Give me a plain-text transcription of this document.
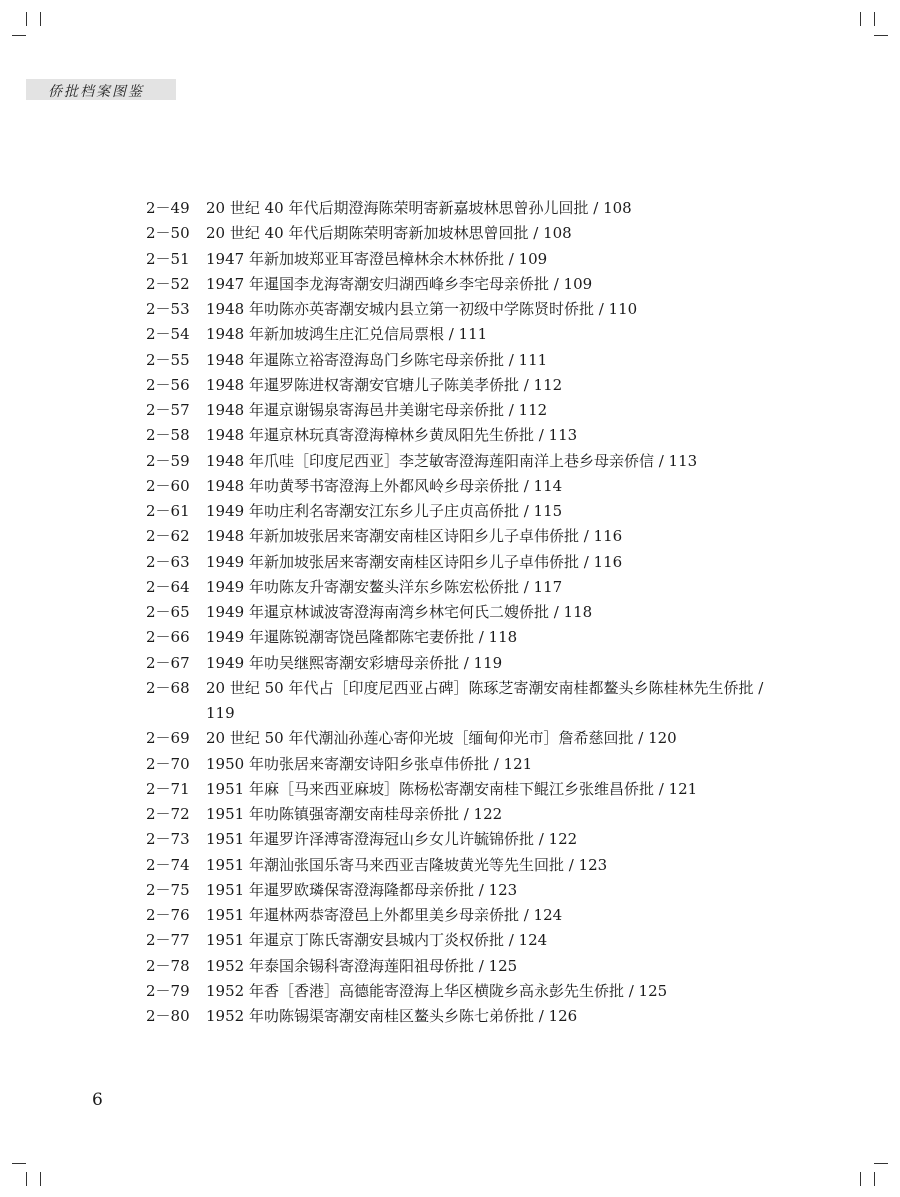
侨批档案图鉴
2－49	20 世纪 40 年代后期澄海陈荣明寄新嘉坡林思曾孙儿回批 / 108
2－50	20 世纪 40 年代后期陈荣明寄新加坡林思曾回批 / 108
2－51	1947 年新加坡郑亚耳寄澄邑樟林余木林侨批 / 109
2－52	1947 年暹国李龙海寄潮安归湖西峰乡李宅母亲侨批 / 109
2－53	1948 年叻陈亦英寄潮安城内县立第一初级中学陈贤时侨批 / 110
2－54	1948 年新加坡鸿生庄汇兑信局票根 / 111
2－55	1948 年暹陈立裕寄澄海岛门乡陈宅母亲侨批 / 111
2－56	1948 年暹罗陈进权寄潮安官塘儿子陈美孝侨批 / 112
2－57	1948 年暹京谢锡泉寄海邑井美谢宅母亲侨批 / 112
2－58	1948 年暹京林玩真寄澄海樟林乡黄凤阳先生侨批 / 113
2－59	1948 年爪哇［印度尼西亚］李芝敏寄澄海莲阳南洋上巷乡母亲侨信 / 113
2－60	1948 年叻黄琴书寄澄海上外都风岭乡母亲侨批 / 114
2－61	1949 年叻庄利名寄潮安江东乡儿子庄贞高侨批 / 115
2－62	1948 年新加坡张居来寄潮安南桂区诗阳乡儿子卓伟侨批 / 116
2－63	1949 年新加坡张居来寄潮安南桂区诗阳乡儿子卓伟侨批 / 116
2－64	1949 年叻陈友升寄潮安鳌头洋东乡陈宏松侨批 / 117
2－65	1949 年暹京林诚波寄澄海南湾乡林宅何氏二嫂侨批 / 118
2－66	1949 年暹陈锐潮寄饶邑隆都陈宅妻侨批 / 118
2－67	1949 年叻吴继熙寄潮安彩塘母亲侨批 / 119
2－68	20 世纪 50 年代占［印度尼西亚占碑］陈琢芝寄潮安南桂都鳌头乡陈桂林先生侨批 / 119
2－69	20 世纪 50 年代潮汕孙莲心寄仰光坡［缅甸仰光市］詹希慈回批 / 120
2－70	1950 年叻张居来寄潮安诗阳乡张卓伟侨批 / 121
2－71	1951 年麻［马来西亚麻坡］陈杨松寄潮安南桂下鲲江乡张维昌侨批 / 121
2－72	1951 年叻陈镇强寄潮安南桂母亲侨批 / 122
2－73	1951 年暹罗许泽溥寄澄海冠山乡女儿许毓锦侨批 / 122
2－74	1951 年潮汕张国乐寄马来西亚吉隆坡黄光等先生回批 / 123
2－75	1951 年暹罗欧璘保寄澄海隆都母亲侨批 / 123
2－76	1951 年暹林两恭寄澄邑上外都里美乡母亲侨批 / 124
2－77	1951 年暹京丁陈氏寄潮安县城内丁炎权侨批 / 124
2－78	1952 年泰国余锡科寄澄海莲阳祖母侨批 / 125
2－79	1952 年香［香港］高德能寄澄海上华区横陇乡高永彭先生侨批 / 125
2－80	1952 年叻陈锡渠寄潮安南桂区鳌头乡陈七弟侨批 / 126
6
